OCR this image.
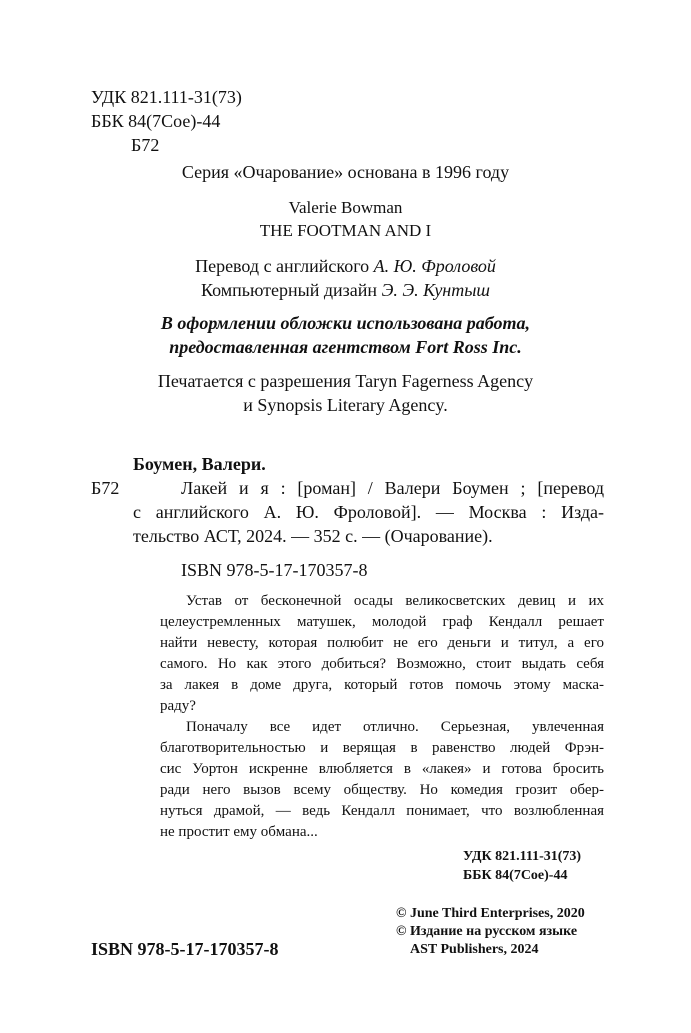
УДК 821.111-31(73)
ББК 84(7Сое)-44
Б72
Серия «Очарование» основана в 1996 году
Valerie Bowman
THE FOOTMAN AND I
Перевод с английского А. Ю. Фроловой
Компьютерный дизайн Э. Э. Кунтыш
В оформлении обложки использована работа,
предоставленная агентством Fort Ross Inc.
Печатается с разрешения Taryn Fagerness Agency
и Synopsis Literary Agency.
Боумен, Валери.
Б72	Лакей и я : [роман] / Валери Боумен ; [перевод
с английского А. Ю. Фроловой]. — Москва : Изда-
тельство АСТ, 2024. — 352 с. — (Очарование).
ISBN 978-5-17-170357-8
Устав от бесконечной осады великосветских девиц и их
целеустремленных матушек, молодой граф Кендалл решает
найти невесту, которая полюбит не его деньги и титул, а его
самого. Но как этого добиться? Возможно, стоит выдать себя
за лакея в доме друга, который готов помочь этому маска-
раду?
Поначалу все идет отлично. Серьезная, увлеченная
благотворительностью и верящая в равенство людей Фрэн-
сис Уортон искренне влюбляется в «лакея» и готова бросить
ради него вызов всему обществу. Но комедия грозит обер-
нуться драмой, — ведь Кендалл понимает, что возлюбленная
не простит ему обмана...
УДК 821.111-31(73)
ББК 84(7Сое)-44
ISBN 978-5-17-170357-8
© June Third Enterprises, 2020
© Издание на русском языке
AST Publishers, 2024
